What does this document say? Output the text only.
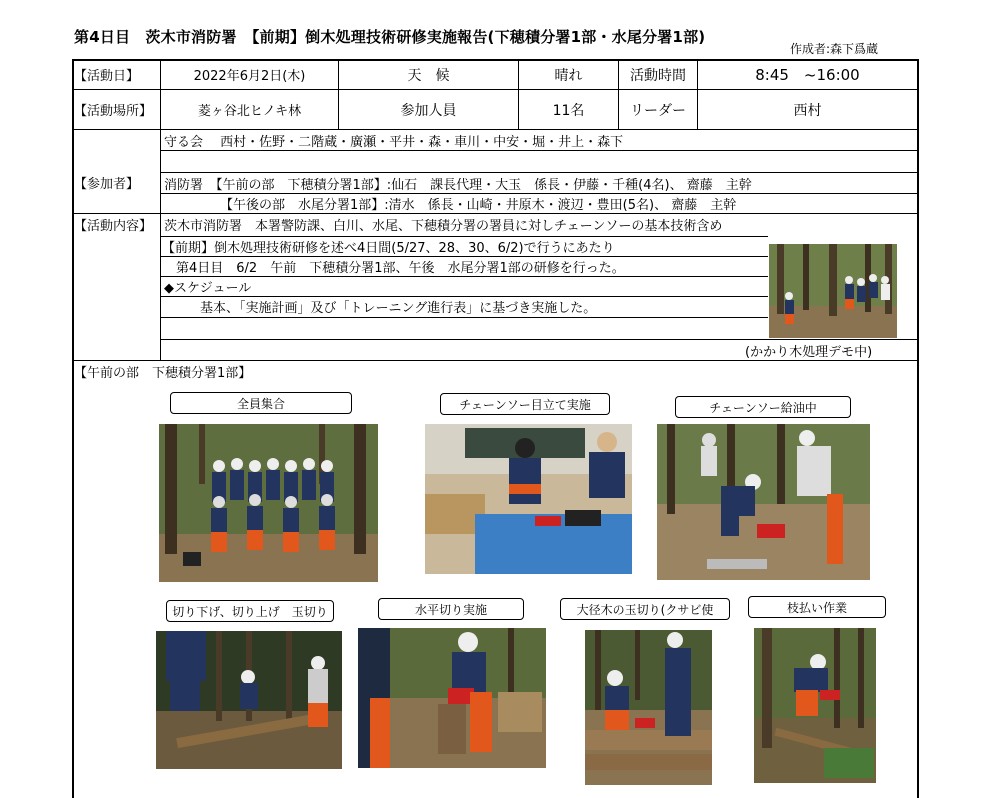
第4日目　茨木市消防署　【前期】倒木処理技術研修実施報告(下穂積分署1部・水尾分署1部)
作成者:森下爲蔵
【活動日】	2022年6月2日(木)	天　候	晴れ	活動時間	8:45　~16:00
【活動場所】	菱ヶ谷北ヒノキ林	参加人員	11名	リーダー	西村
【参加者】
守る会　 西村・佐野・二階蔵・廣瀬・平井・森・車川・中安・堀・井上・森下
消防署　【午前の部　下穂積分署1部】:仙石　課長代理・大玉　係長・伊藤・千種(4名)、 齋藤　主幹
【午後の部　水尾分署1部】:清水　係長・山崎・井原木・渡辺・豊田(5名)、 齋藤　主幹
【活動内容】 茨木市消防署　本署警防課、白川、水尾、下穂積分署の署員に対しチェーンソーの基本技術含め
【前期】倒木処理技術研修を述べ4日間(5/27、28、30、6/2)で行うにあたり
第4日目　6/2　午前　下穂積分署1部、午後　水尾分署1部の研修を行った。
◆スケジュール
基本、「実施計画」及び「トレーニング進行表」に基づき実施した。
(かかり木処理デモ中)
【午前の部　下穂積分署1部】
全員集合	チェーンソー目立て実施	チェーンソー給油中
切り下げ、切り上げ　玉切り	水平切り実施	大径木の玉切り(クサビ使	枝払い作業
